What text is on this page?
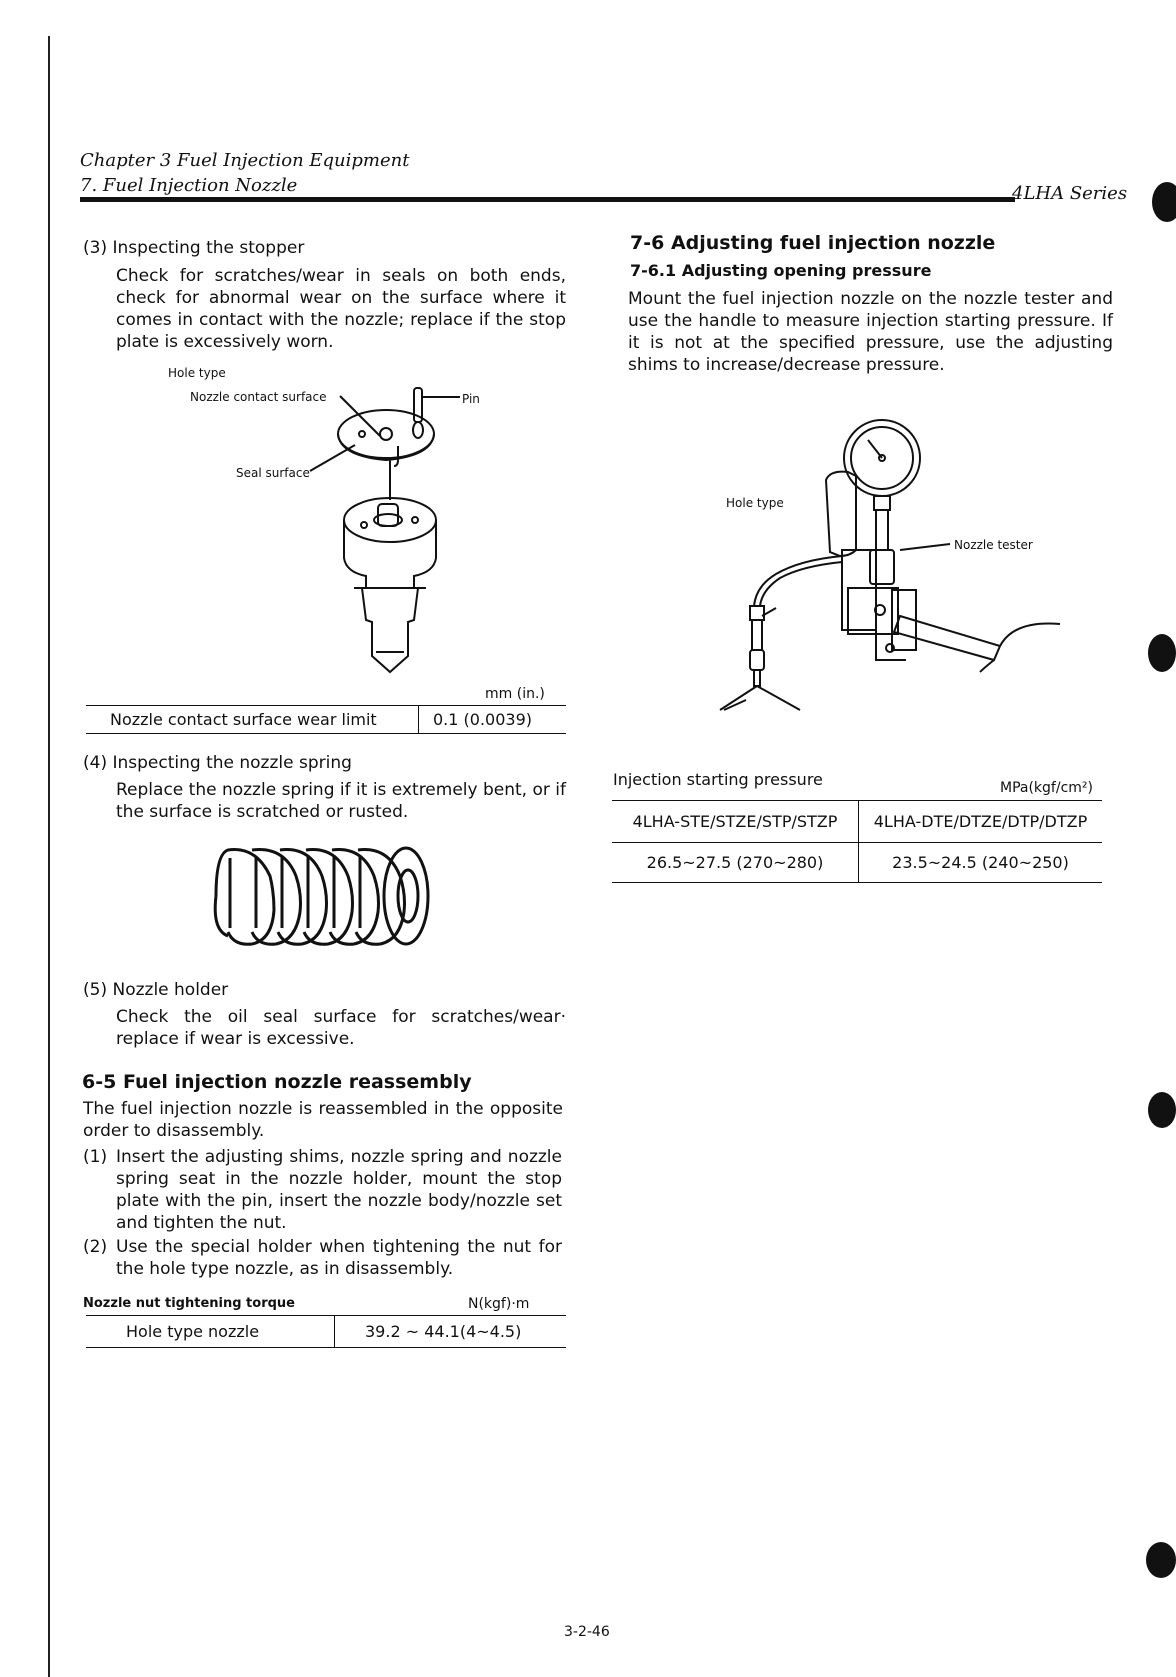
Chapter 3 Fuel Injection Equipment
7. Fuel Injection Nozzle	4LHA Series
(3) Inspecting the stopper
Check for scratches/wear in seals on both ends, check for abnormal wear on the surface where it comes in contact with the nozzle; replace if the stop plate is excessively worn.
Hole type
Nozzle contact surface	Pin
Seal surface
mm (in.)
Nozzle contact surface wear limit	0.1 (0.0039)
(4) Inspecting the nozzle spring
Replace the nozzle spring if it is extremely bent, or if the surface is scratched or rusted.
(5) Nozzle holder
Check the oil seal surface for scratches/wear· replace if wear is excessive.
6-5 Fuel injection nozzle reassembly
The fuel injection nozzle is reassembled in the opposite order to disassembly.
(1) Insert the adjusting shims, nozzle spring and nozzle spring seat in the nozzle holder, mount the stop plate with the pin, insert the nozzle body/nozzle set and tighten the nut.
(2) Use the special holder when tightening the nut for the hole type nozzle, as in disassembly.
Nozzle nut tightening torque	N(kgf)·m
Hole type nozzle	39.2 ~ 44.1(4~4.5)
7-6 Adjusting fuel injection nozzle
7-6.1 Adjusting opening pressure
Mount the fuel injection nozzle on the nozzle tester and use the handle to measure injection starting pressure. If it is not at the specified pressure, use the adjusting shims to increase/decrease pressure.
Hole type
Nozzle tester
Injection starting pressure	MPa(kgf/cm²)
4LHA-STE/STZE/STP/STZP	4LHA-DTE/DTZE/DTP/DTZP
26.5~27.5 (270~280)	23.5~24.5 (240~250)
3-2-46
